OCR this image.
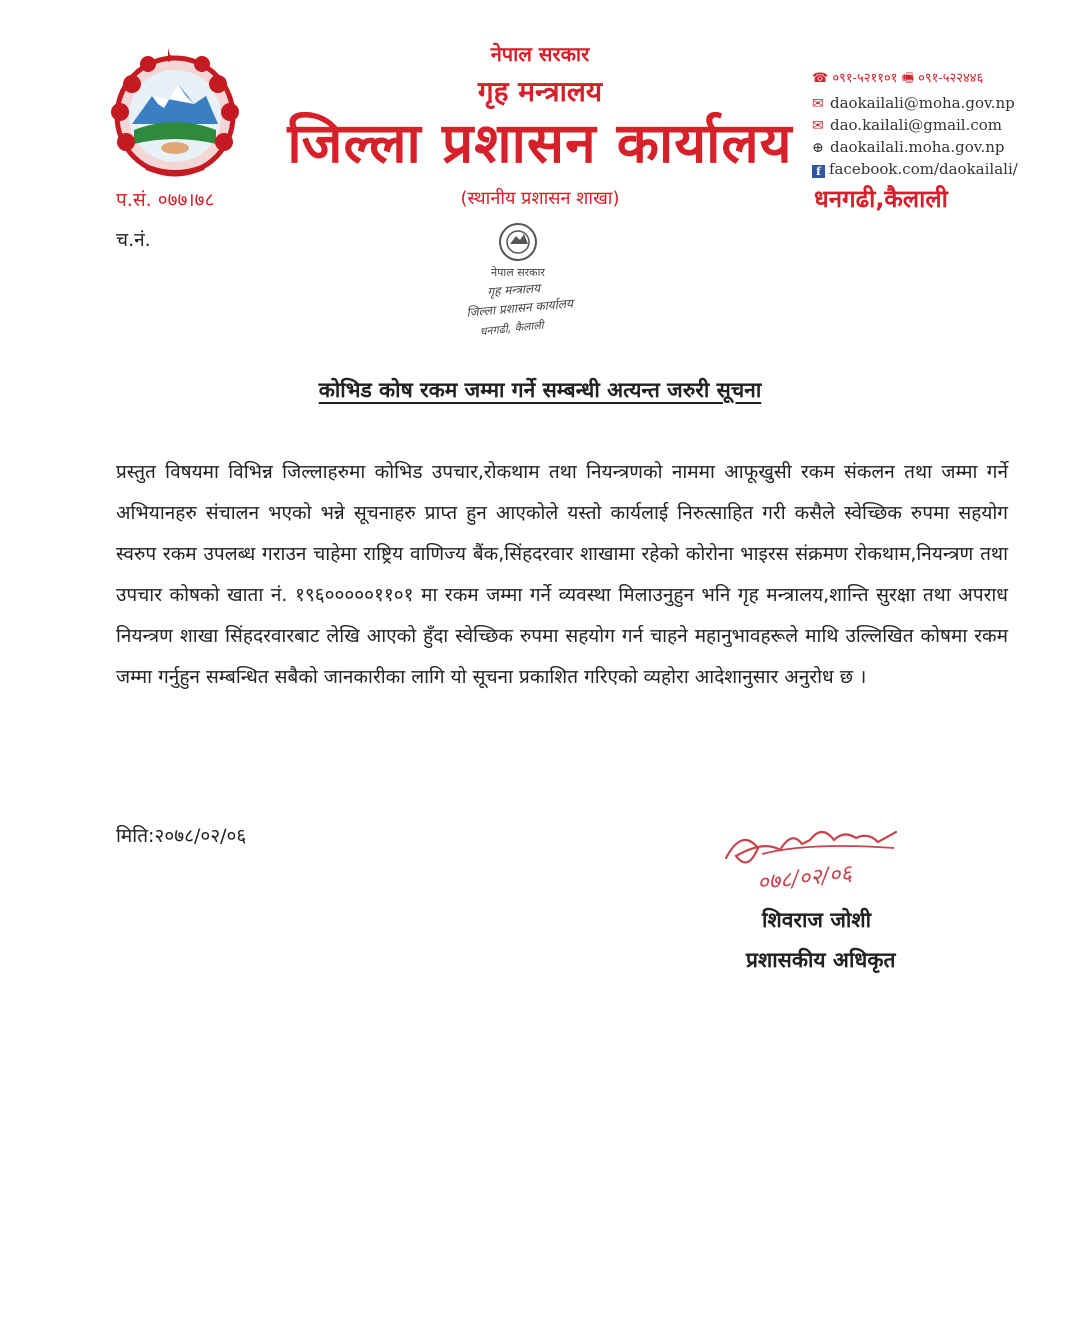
नेपाल सरकार
गृह मन्त्रालय
जिल्ला प्रशासन कार्यालय
(स्थानीय प्रशासन शाखा)
प.सं. ०७७।७८
च.नं.
☎ ०९१-५२११०१ 🖷 ०९१-५२२४४६
✉ daokailali@moha.gov.np
✉ dao.kailali@gmail.com
⊕ daokailali.moha.gov.np
f facebook.com/daokailali/
धनगढी,कैलाली
नेपाल सरकार
गृह मन्त्रालय
जिल्ला प्रशासन कार्यालय
धनगढी, कैलाली
कोभिड कोष रकम जम्मा गर्ने सम्बन्धी अत्यन्त जरुरी सूचना
प्रस्तुत विषयमा विभिन्न जिल्लाहरुमा कोभिड उपचार,रोकथाम तथा नियन्त्रणको नाममा आफूखुसी रकम संकलन तथा जम्मा गर्ने अभियानहरु संचालन भएको भन्ने सूचनाहरु प्राप्त हुन आएकोले यस्तो कार्यलाई निरुत्साहित गरी कसैले स्वेच्छिक रुपमा सहयोग स्वरुप रकम उपलब्ध गराउन चाहेमा राष्ट्रिय वाणिज्य बैंक,सिंहदरवार शाखामा रहेको कोरोना भाइरस संक्रमण रोकथाम,नियन्त्रण तथा उपचार कोषको खाता नं. १९६०००००११०१ मा रकम जम्मा गर्ने व्यवस्था मिलाउनुहुन भनि गृह मन्त्रालय,शान्ति सुरक्षा तथा अपराध नियन्त्रण शाखा सिंहदरवारबाट लेखि आएको हुँदा स्वेच्छिक रुपमा सहयोग गर्न चाहने महानुभावहरूले माथि उल्लिखित कोषमा रकम जम्मा गर्नुहुन सम्बन्धित सबैको जानकारीका लागि यो सूचना प्रकाशित गरिएको व्यहोरा आदेशानुसार अनुरोध छ ।
मिति:२०७८/०२/०६
०७८/०२/०६
शिवराज जोशी
प्रशासकीय अधिकृत
